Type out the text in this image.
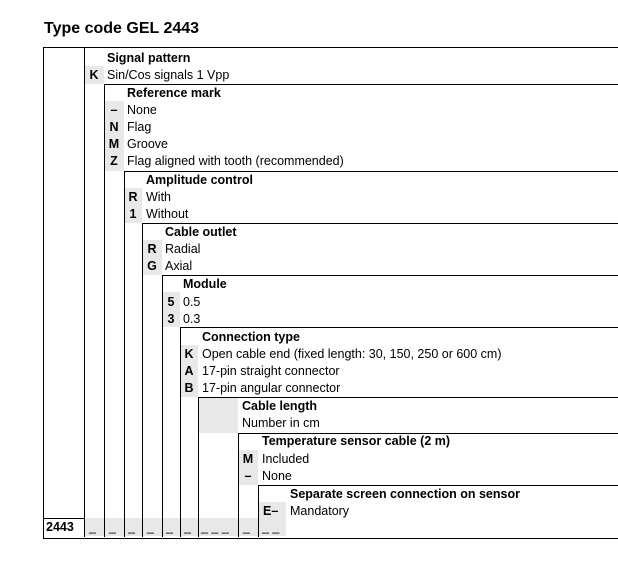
Type code GEL 2443
Signal pattern
K Sin/Cos signals 1 Vpp
Reference mark
– None
N Flag
M Groove
Z Flag aligned with tooth (recommended)
Amplitude control
R With
1 Without
Cable outlet
R Radial
G Axial
Module
5 0.5
3 0.3
Connection type
K Open cable end (fixed length: 30, 150, 250 or 600 cm)
A 17-pin straight connector
B 17-pin angular connector
Cable length
Number in cm
Temperature sensor cable (2 m)
M Included
– None
Separate screen connection on sensor
E– Mandatory
2443 _ _ _ _ _ _ _ _ _ _ _ _
